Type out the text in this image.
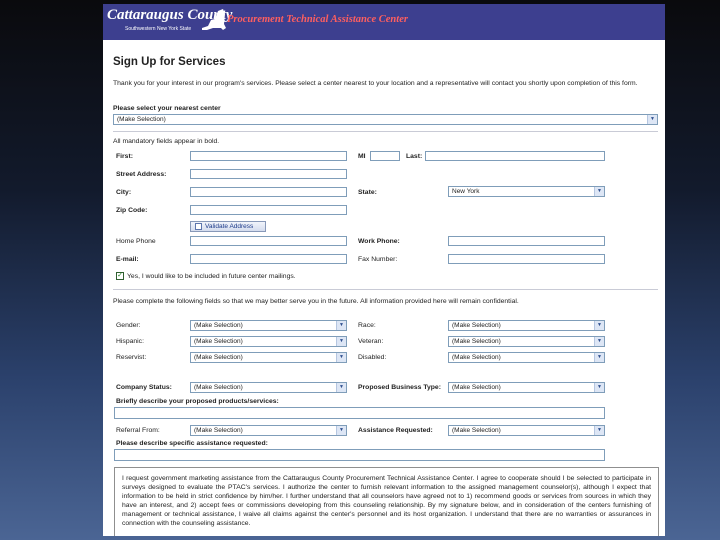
Cattaraugus County
Southwestern New York State
Procurement Technical Assistance Center
Sign Up for Services
Thank you for your interest in our program's services. Please select a center nearest to your location and a representative will contact you shortly upon completion of this form.
Please select your nearest center
(Make Selection)	▼
All mandatory fields appear in bold.
First:	MI	Last:
Street Address:
City:	State:	New York	▼
Zip Code:
Validate Address
Home Phone	Work Phone:
E-mail:	Fax Number:
✓ Yes, I would like to be included in future center mailings.
Please complete the following fields so that we may better serve you in the future. All information provided here will remain confidential.
Gender:	(Make Selection)	▼ Race:	(Make Selection)	▼
Hispanic:	(Make Selection)	▼ Veteran:	(Make Selection)	▼
Reservist:	(Make Selection)	▼ Disabled:	(Make Selection)	▼
Company Status:	(Make Selection)	▼ Proposed Business Type:	(Make Selection)	▼
Briefly describe your proposed products/services:
Referral From:	(Make Selection)	▼ Assistance Requested:	(Make Selection)	▼
Please describe specific assistance requested:
I request government marketing assistance from the Cattaraugus County Procurement Technical Assistance Center. I agree to cooperate should I be selected to participate in surveys designed to evaluate the PTAC's services. I authorize the center to furnish relevant information to the assigned management counselor(s), although I expect that information to be held in strict confidence by him/her. I further understand that all counselors have agreed not to 1) recommend goods or services from sources in which they have an interest, and 2) accept fees or commissions developing from this counseling relationship. By my signature below, and in consideration of the centers furnishing of management or technical assistance, I waive all claims against the center's personnel and its host organization. I understand that there are no warranties or assurances in connection with the counseling assistance.
